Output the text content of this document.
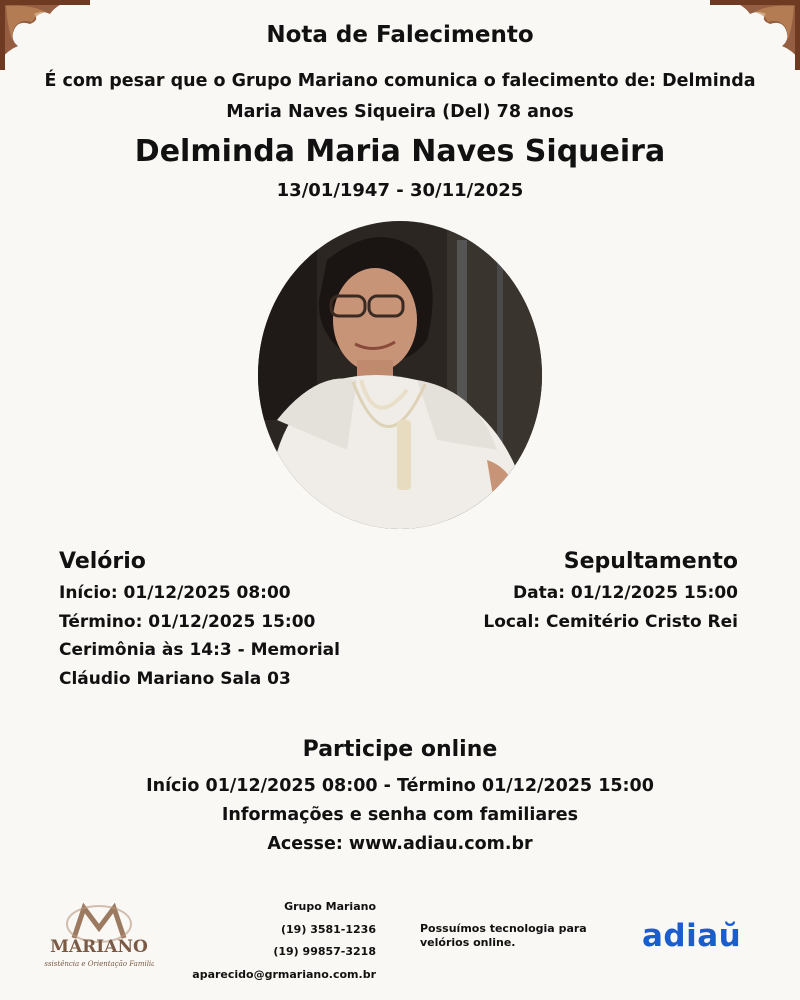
Nota de Falecimento
É com pesar que o Grupo Mariano comunica o falecimento de: Delminda Maria Naves Siqueira (Del) 78 anos
Delminda Maria Naves Siqueira
13/01/1947 - 30/11/2025
Velório
Início: 01/12/2025 08:00
Término: 01/12/2025 15:00
Cerimônia às 14:3 - Memorial
Cláudio Mariano Sala 03
Sepultamento
Data: 01/12/2025 15:00
Local: Cemitério Cristo Rei
Participe online
Início 01/12/2025 08:00 - Término 01/12/2025 15:00
Informações e senha com familiares
Acesse: www.adiau.com.br
MARIANO
Assistência e Orientação Familiar
Grupo Mariano
(19) 3581-1236
(19) 99857-3218
aparecido@grmariano.com.br
Possuímos tecnologia para velórios online.	adiaŭ
